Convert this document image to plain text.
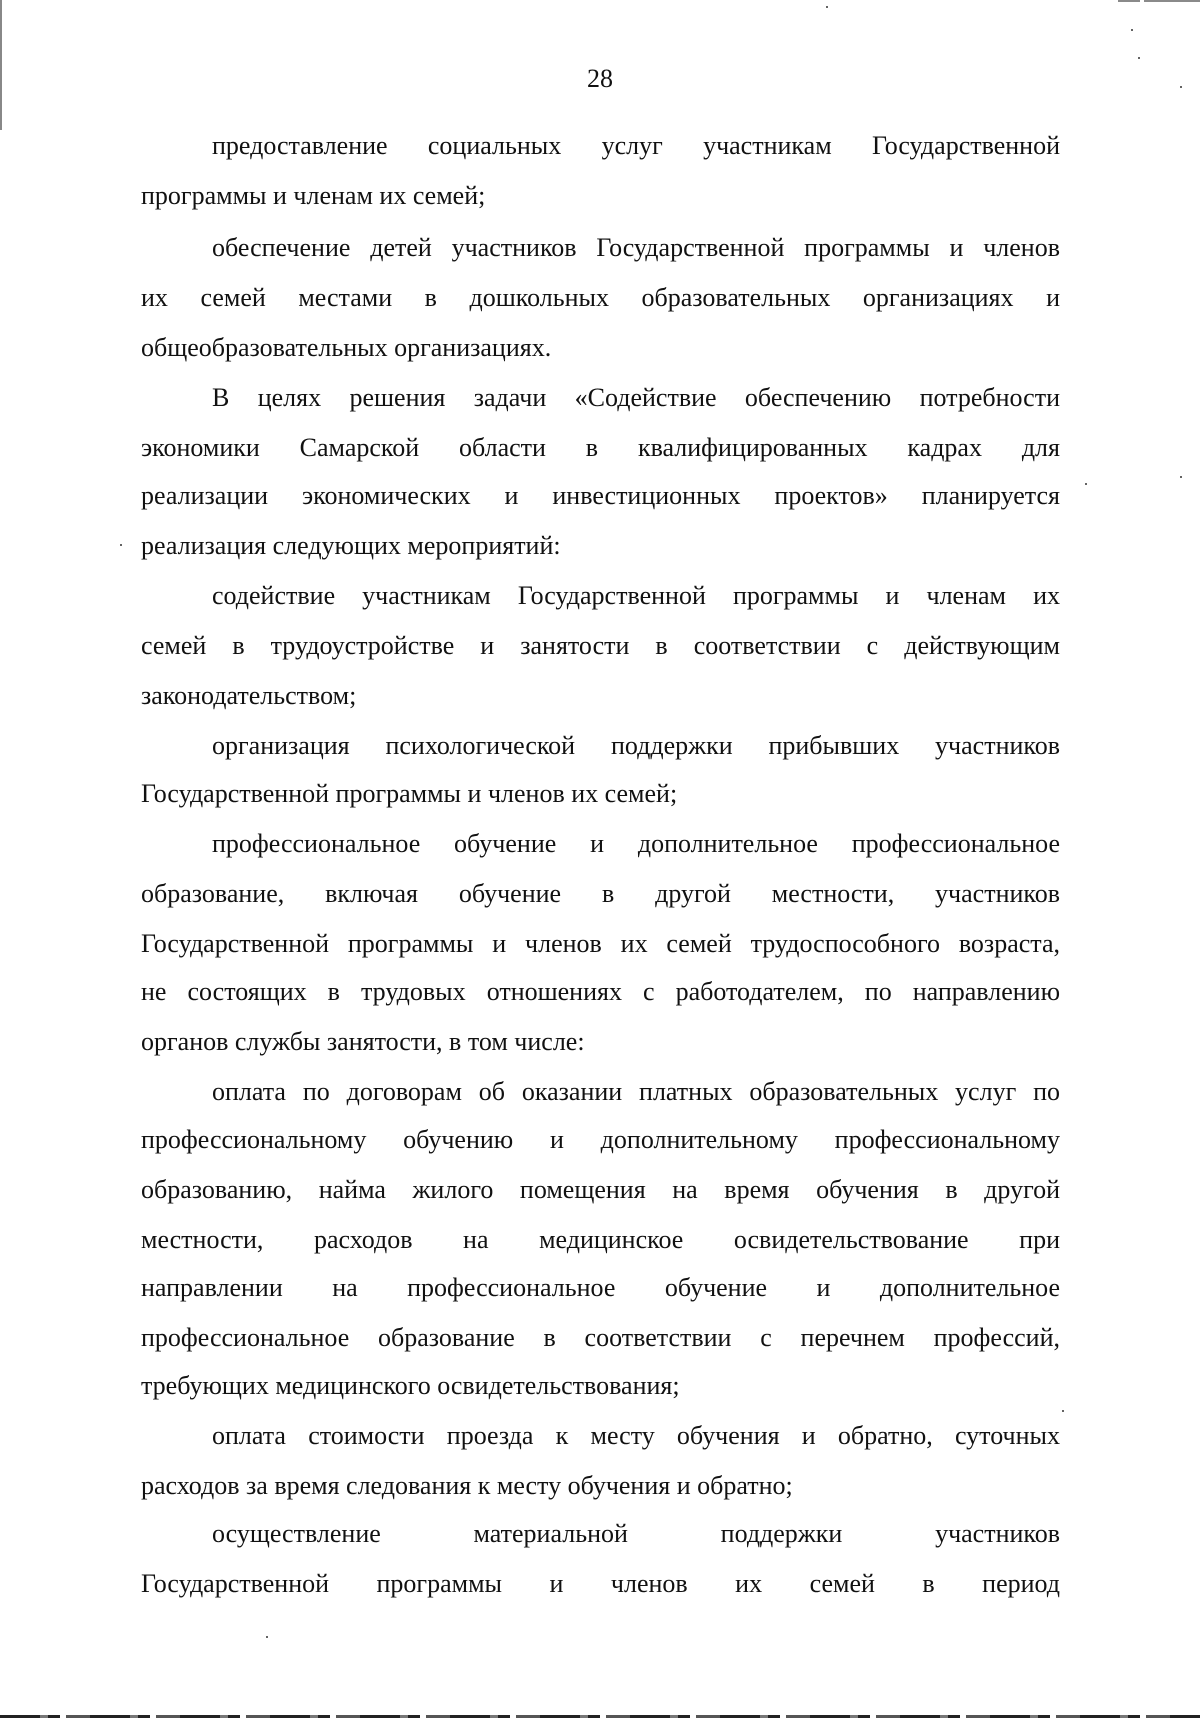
28
предоставление социальных услуг участникам Государственной
программы и членам их семей;
обеспечение детей участников Государственной программы и членов
их семей местами в дошкольных образовательных организациях и
общеобразовательных организациях.
В целях решения задачи «Содействие обеспечению потребности
экономики Самарской области в квалифицированных кадрах для
реализации экономических и инвестиционных проектов» планируется
реализация следующих мероприятий:
содействие участникам Государственной программы и членам их
семей в трудоустройстве и занятости в соответствии с действующим
законодательством;
организация психологической поддержки прибывших участников
Государственной программы и членов их семей;
профессиональное обучение и дополнительное профессиональное
образование, включая обучение в другой местности, участников
Государственной программы и членов их семей трудоспособного возраста,
не состоящих в трудовых отношениях с работодателем, по направлению
органов службы занятости, в том числе:
оплата по договорам об оказании платных образовательных услуг по
профессиональному обучению и дополнительному профессиональному
образованию, найма жилого помещения на время обучения в другой
местности, расходов на медицинское освидетельствование при
направлении на профессиональное обучение и дополнительное
профессиональное образование в соответствии с перечнем профессий,
требующих медицинского освидетельствования;
оплата стоимости проезда к месту обучения и обратно, суточных
расходов за время следования к месту обучения и обратно;
осуществление материальной поддержки участников
Государственной программы и членов их семей в период
